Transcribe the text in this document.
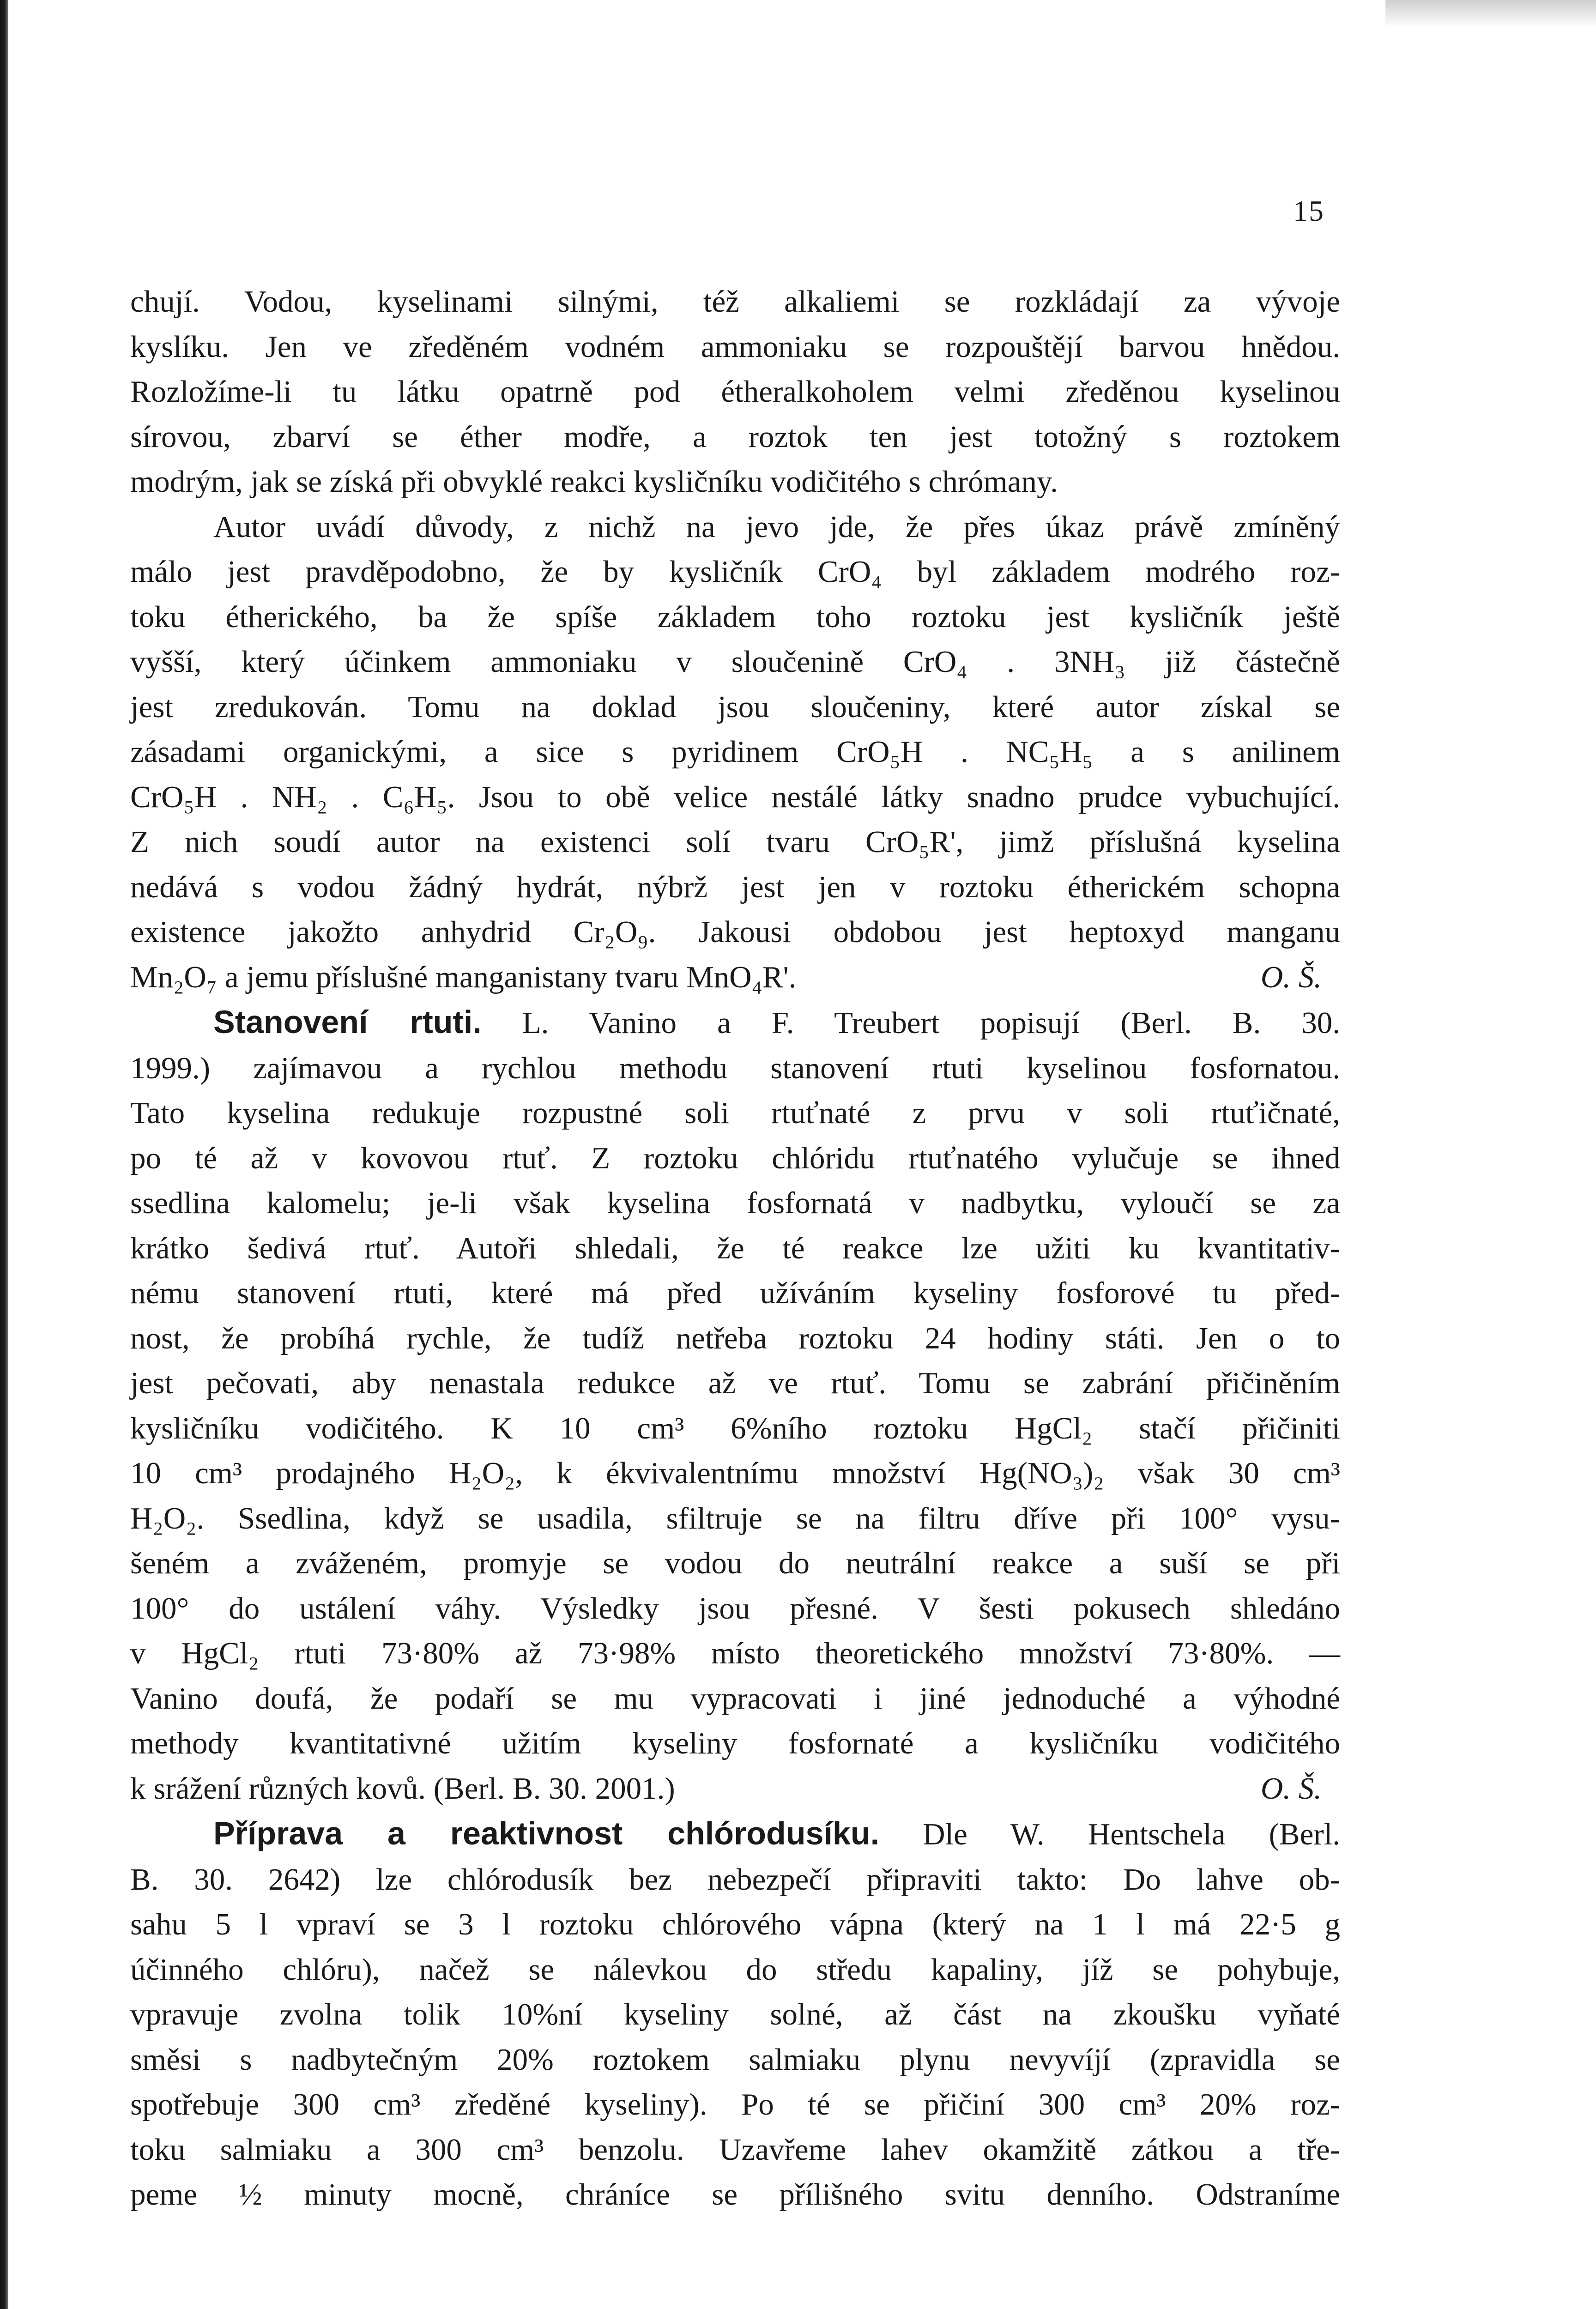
15
chují. Vodou, kyselinami silnými, též alkaliemi se rozkládají za vývoje
kyslíku. Jen ve zředěném vodném ammoniaku se rozpouštějí barvou hnědou.
Rozložíme-li tu látku opatrně pod étheralkoholem velmi zředěnou kyselinou
sírovou, zbarví se éther modře, a roztok ten jest totožný s roztokem
modrým, jak se získá při obvyklé reakci kysličníku vodičitého s chrómany.
Autor uvádí důvody, z nichž na jevo jde, že přes úkaz právě zmíněný
málo jest pravděpodobno, že by kysličník CrO₄ byl základem modrého roz-
toku étherického, ba že spíše základem toho roztoku jest kysličník ještě
vyšší, který účinkem ammoniaku v sloučenině CrO₄ . 3NH₃ již částečně
jest zredukován. Tomu na doklad jsou sloučeniny, které autor získal se
zásadami organickými, a sice s pyridinem CrO₅H . NC₅H₅ a s anilinem
CrO₅H . NH₂ . C₆H₅. Jsou to obě velice nestálé látky snadno prudce vybuchující.
Z nich soudí autor na existenci solí tvaru CrO₅R', jimž příslušná kyselina
nedává s vodou žádný hydrát, nýbrž jest jen v roztoku étherickém schopna
existence jakožto anhydrid Cr₂O₉. Jakousi obdobou jest heptoxyd manganu
Mn₂O₇ a jemu příslušné manganistany tvaru MnO₄R'.	O. Š.
Stanovení rtuti. L. Vanino a F. Treubert popisují (Berl. B. 30.
1999.) zajímavou a rychlou methodu stanovení rtuti kyselinou fosfornatou.
Tato kyselina redukuje rozpustné soli rtuťnaté z prvu v soli rtuťičnaté,
po té až v kovovou rtuť. Z roztoku chlóridu rtuťnatého vylučuje se ihned
ssedlina kalomelu; je-li však kyselina fosfornatá v nadbytku, vyloučí se za
krátko šedivá rtuť. Autoři shledali, že té reakce lze užiti ku kvantitativ-
nému stanovení rtuti, které má před užíváním kyseliny fosforové tu před-
nost, že probíhá rychle, že tudíž netřeba roztoku 24 hodiny státi. Jen o to
jest pečovati, aby nenastala redukce až ve rtuť. Tomu se zabrání přičiněním
kysličníku vodičitého. K 10 cm³ 6%ního roztoku HgCl₂ stačí přičiniti
10 cm³ prodajného H₂O₂, k ékvivalentnímu množství Hg(NO₃)₂ však 30 cm³
H₂O₂. Ssedlina, když se usadila, sfiltruje se na filtru dříve při 100° vysu-
šeném a zváženém, promyje se vodou do neutrální reakce a suší se při
100° do ustálení váhy. Výsledky jsou přesné. V šesti pokusech shledáno
v HgCl₂ rtuti 73·80% až 73·98% místo theoretického množství 73·80%. —
Vanino doufá, že podaří se mu vypracovati i jiné jednoduché a výhodné
methody kvantitativné užitím kyseliny fosfornaté a kysličníku vodičitého
k srážení různých kovů. (Berl. B. 30. 2001.)	O. Š.
Příprava a reaktivnost chlórodusíku. Dle W. Hentschela (Berl.
B. 30. 2642) lze chlórodusík bez nebezpečí připraviti takto: Do lahve ob-
sahu 5 l vpraví se 3 l roztoku chlórového vápna (který na 1 l má 22·5 g
účinného chlóru), načež se nálevkou do středu kapaliny, jíž se pohybuje,
vpravuje zvolna tolik 10%ní kyseliny solné, až část na zkoušku vyňaté
směsi s nadbytečným 20% roztokem salmiaku plynu nevyvíjí (zpravidla se
spotřebuje 300 cm³ zředěné kyseliny). Po té se přičiní 300 cm³ 20% roz-
toku salmiaku a 300 cm³ benzolu. Uzavřeme lahev okamžitě zátkou a tře-
peme ½ minuty mocně, chráníce se přílišného svitu denního. Odstraníme
